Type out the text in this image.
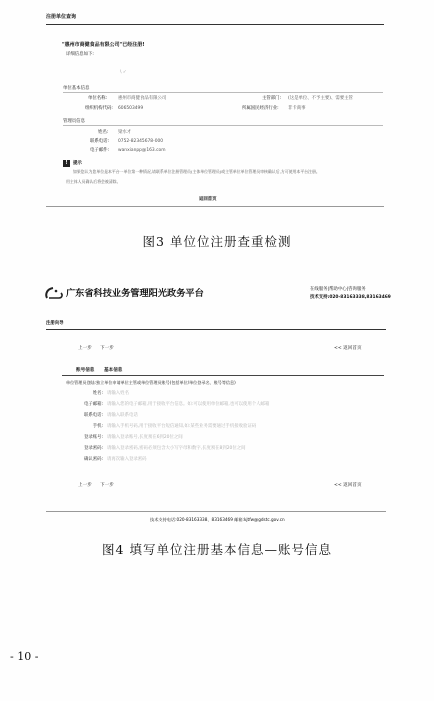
注册单位查询
"惠州市商健食品有限公司"已经注册!
详细信息如下:
\ ✓
单位基本信息
单位名称: 惠州市商健食品有限公司	主管部门: (这是单位、不予主要)、需要主管
组织机构代码: 606503499	所属国民经济行业: 非卡商事
管理员信息
姓名: 梁水才
联系电话: 0752-82345678-000
电子邮件: wanxianpp@163.com
!	提示
如果您认为您单位是本平台一单位第一种情况,请联系单位注册管理员(主体单位管理员)或主管单位单位管理员审核确认后,方可使用本平台注册。
用主体人员确认后将会被清除。
返回首页
图3 单位位注册查重检测
广东省科技业务管理阳光政务平台	在线服务|帮助中心|咨询服务
技术支持:020-83163338,83163469
注册向导
上一步 下一步	<< 返回首页
账号信息 基本信息
单位管理员登陆:独立单位申请单位主管或单位管理员账号(包括单位/单位登录名、账号等信息)
姓名: 请输入姓名
电子邮箱: 请输入您的电子邮箱,用于接收平台信息。如:可以使用单位邮箱,也可以使用个人邮箱
联系电话: 请输入联系电话
手机: 请输入手机号码,用于接收平台短信通知,如:某些业务需要通过手机接收验证码
登录账号: 请输入登录账号,长度须在6到20位之间
登录密码: 请输入登录密码,密码必须包含大小写字母和数字,长度须在8到20位之间
确认密码: 请再次输入登录密码
上一步 下一步	<< 返回首页
技术支持电话:020-83163338、83163469 邮箱:kjtfw@gdstc.gov.cn
图4 填写单位注册基本信息—账号信息
- 10 -
